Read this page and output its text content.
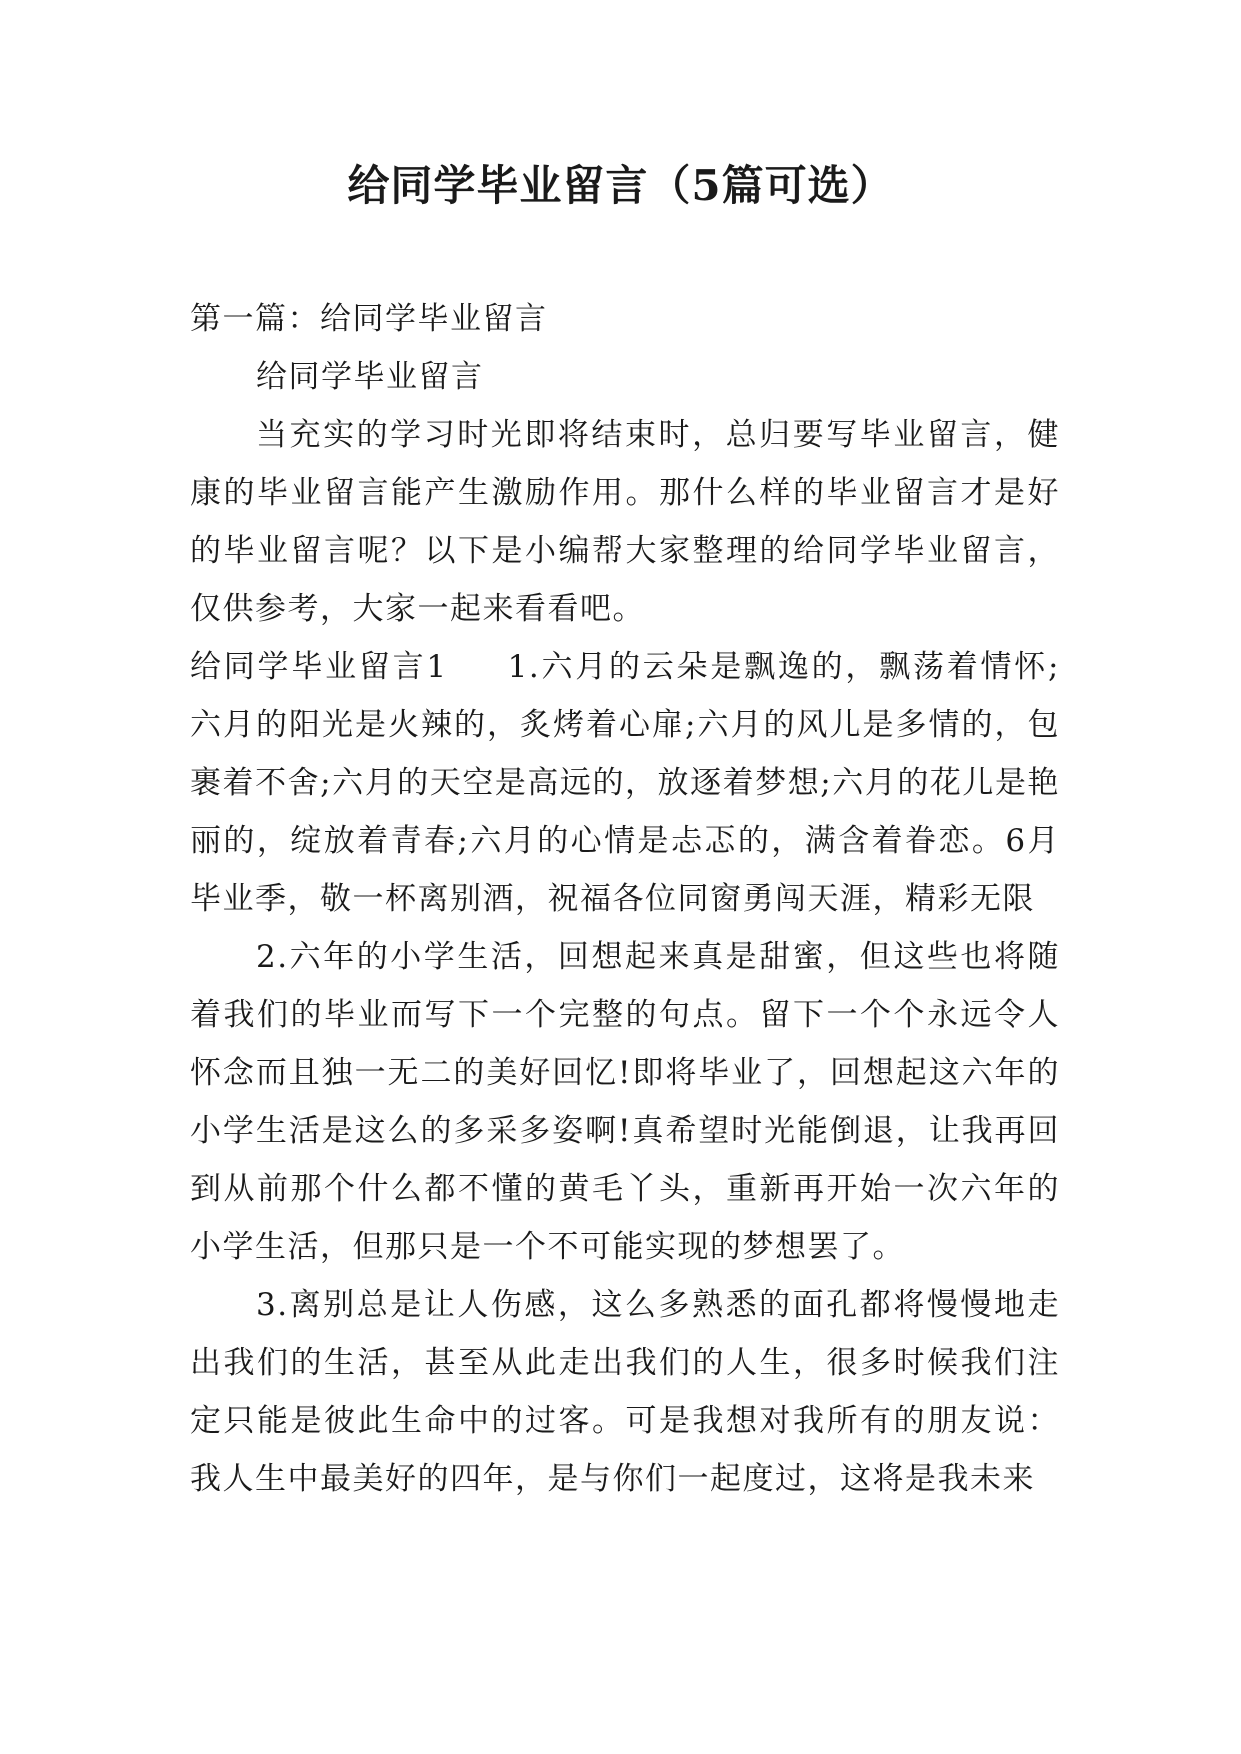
给同学毕业留言（5篇可选）

第一篇：给同学毕业留言

给同学毕业留言

当充实的学习时光即将结束时，总归要写毕业留言，健康的毕业留言能产生激励作用。那什么样的毕业留言才是好的毕业留言呢？以下是小编帮大家整理的给同学毕业留言，仅供参考，大家一起来看看吧。

给同学毕业留言1 1.六月的云朵是飘逸的，飘荡着情怀;六月的阳光是火辣的，炙烤着心扉;六月的风儿是多情的，包裹着不舍;六月的天空是高远的，放逐着梦想;六月的花儿是艳丽的，绽放着青春;六月的心情是忐忑的，满含着眷恋。6月毕业季，敬一杯离别酒，祝福各位同窗勇闯天涯，精彩无限

2.六年的小学生活，回想起来真是甜蜜，但这些也将随着我们的毕业而写下一个完整的句点。留下一个个永远令人怀念而且独一无二的美好回忆!即将毕业了，回想起这六年的小学生活是这么的多采多姿啊!真希望时光能倒退，让我再回到从前那个什么都不懂的黄毛丫头，重新再开始一次六年的小学生活，但那只是一个不可能实现的梦想罢了。

3.离别总是让人伤感，这么多熟悉的面孔都将慢慢地走出我们的生活，甚至从此走出我们的人生，很多时候我们注定只能是彼此生命中的过客。可是我想对我所有的朋友说：我人生中最美好的四年，是与你们一起度过，这将是我未来
